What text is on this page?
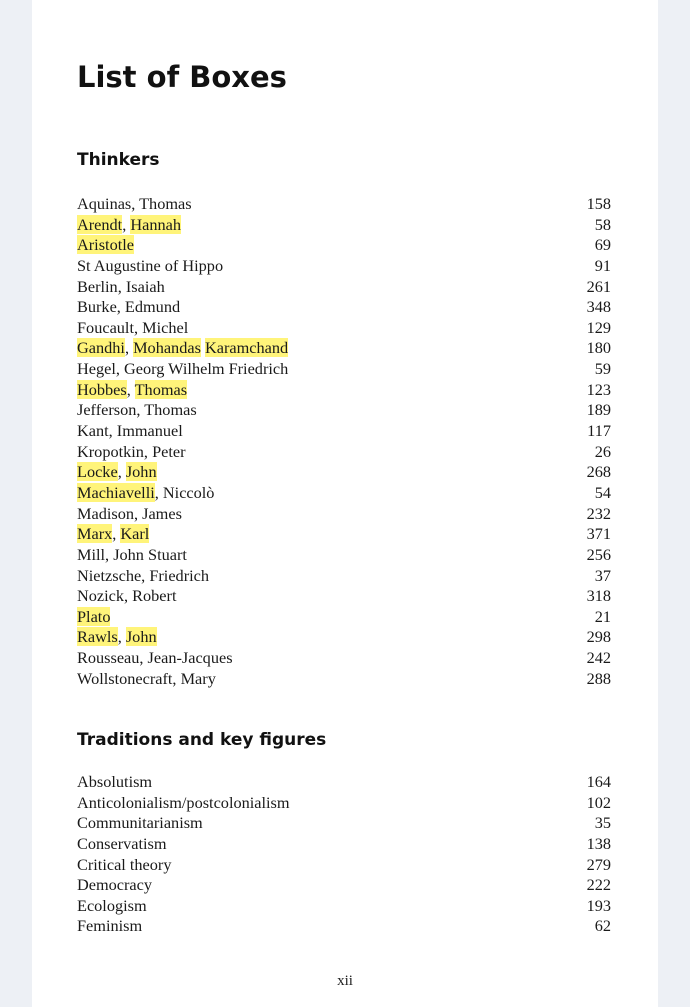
List of Boxes
Thinkers
Aquinas, Thomas	158
Arendt, Hannah	58
Aristotle	69
St Augustine of Hippo	91
Berlin, Isaiah	261
Burke, Edmund	348
Foucault, Michel	129
Gandhi, Mohandas Karamchand	180
Hegel, Georg Wilhelm Friedrich	59
Hobbes, Thomas	123
Jefferson, Thomas	189
Kant, Immanuel	117
Kropotkin, Peter	26
Locke, John	268
Machiavelli, Niccolò	54
Madison, James	232
Marx, Karl	371
Mill, John Stuart	256
Nietzsche, Friedrich	37
Nozick, Robert	318
Plato	21
Rawls, John	298
Rousseau, Jean-Jacques	242
Wollstonecraft, Mary	288
Traditions and key figures
Absolutism	164
Anticolonialism/postcolonialism	102
Communitarianism	35
Conservatism	138
Critical theory	279
Democracy	222
Ecologism	193
Feminism	62
xii
